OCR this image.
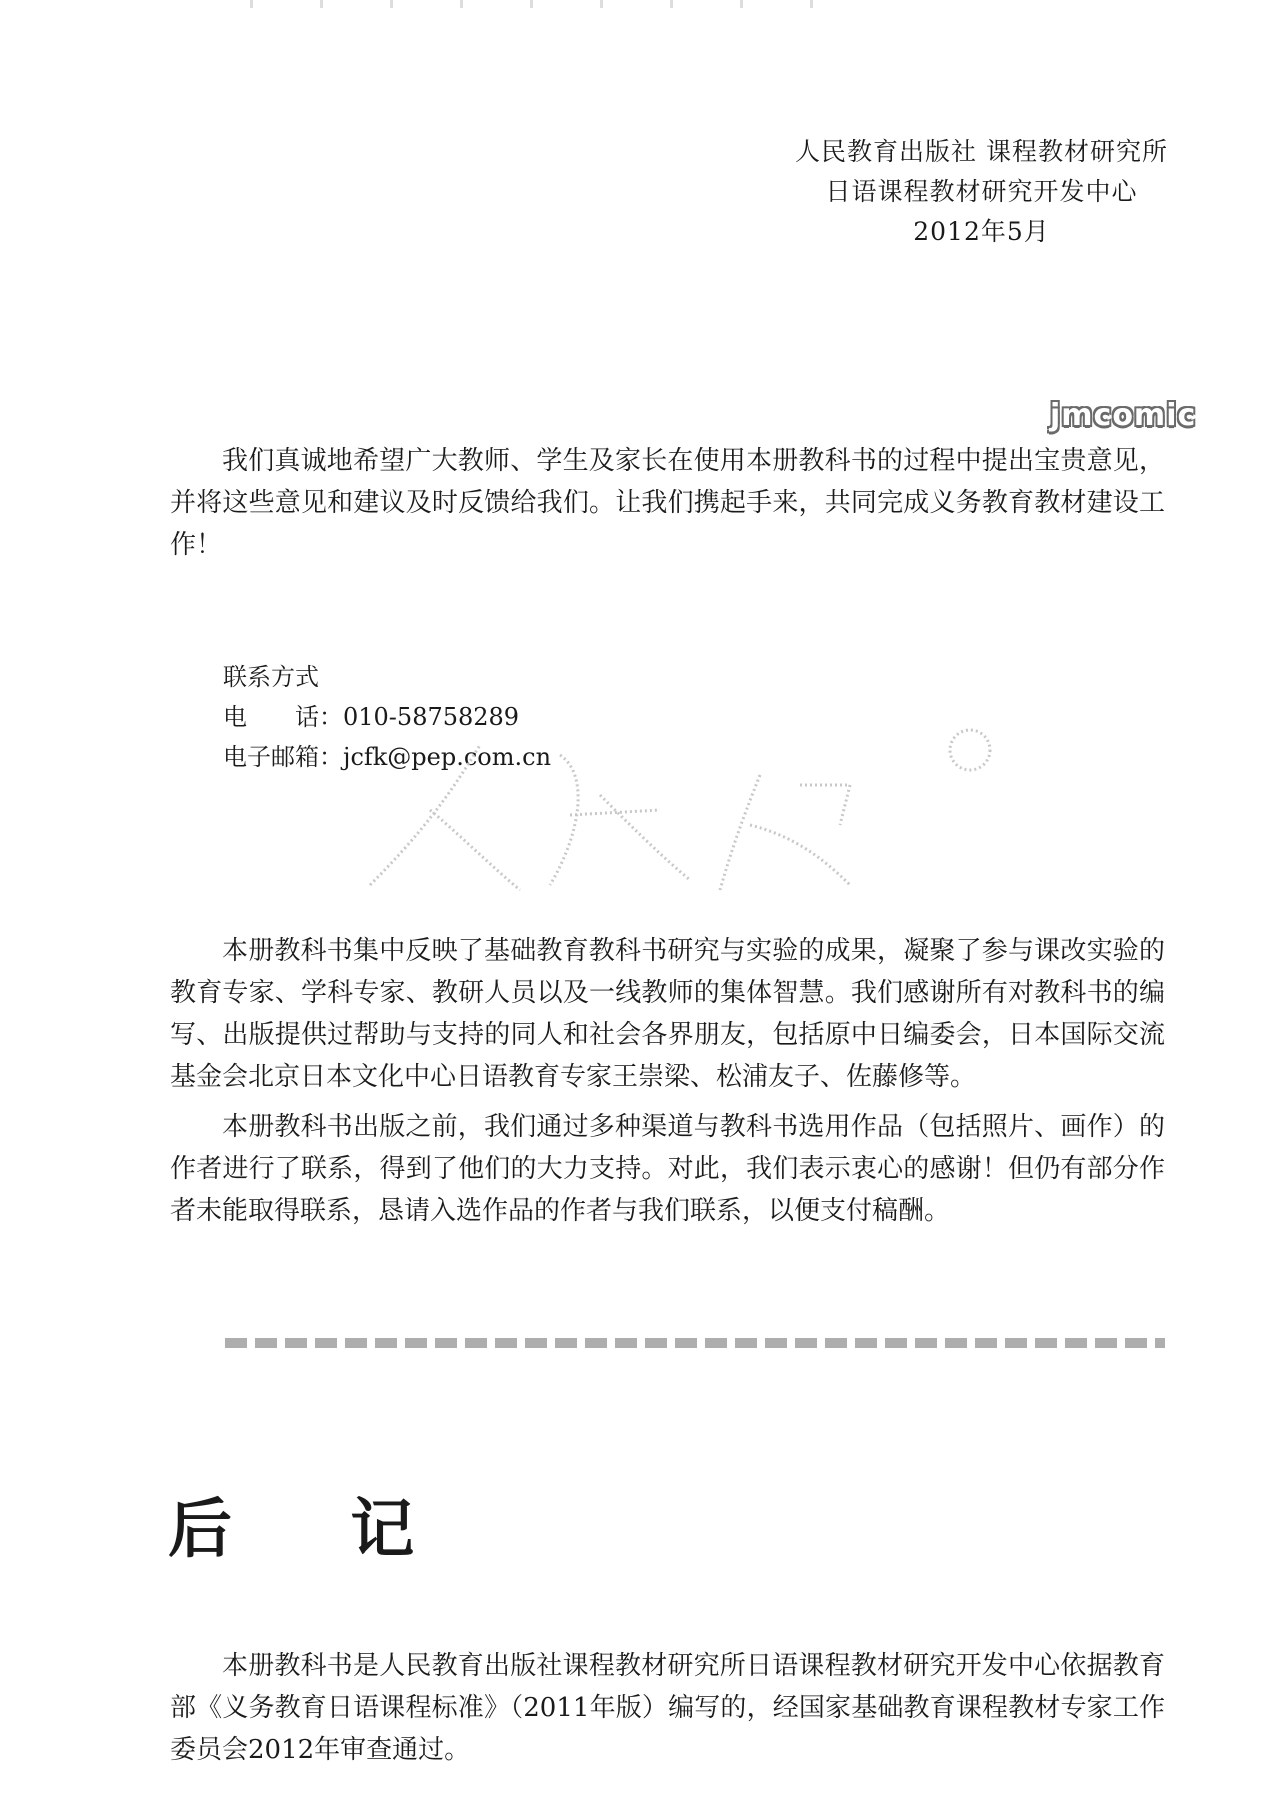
人民教育出版社 课程教材研究所
日语课程教材研究开发中心
2012年5月
jmcomic

我们真诚地希望广大教师、学生及家长在使用本册教科书的过程中提出宝贵意见，并将这些意见和建议及时反馈给我们。让我们携起手来，共同完成义务教育教材建设工作！

联系方式
电　　话：010-58758289
电子邮箱：jcfk@pep.com.cn

本册教科书集中反映了基础教育教科书研究与实验的成果，凝聚了参与课改实验的教育专家、学科专家、教研人员以及一线教师的集体智慧。我们感谢所有对教科书的编写、出版提供过帮助与支持的同人和社会各界朋友，包括原中日编委会，日本国际交流基金会北京日本文化中心日语教育专家王崇梁、松浦友子、佐藤修等。

本册教科书出版之前，我们通过多种渠道与教科书选用作品（包括照片、画作）的作者进行了联系，得到了他们的大力支持。对此，我们表示衷心的感谢！但仍有部分作者未能取得联系，恳请入选作品的作者与我们联系，以便支付稿酬。

后 记

本册教科书是人民教育出版社课程教材研究所日语课程教材研究开发中心依据教育部《义务教育日语课程标准》（2011年版）编写的，经国家基础教育课程教材专家工作委员会2012年审查通过。
